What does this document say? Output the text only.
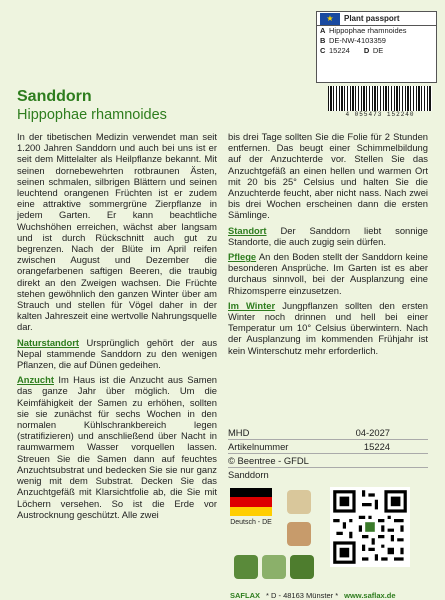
★	Plant passport
A Hippophae rhamnoides
B DE-NW-4103359
C 15224 D DE
4 055473 152240
Sanddorn
Hippophae rhamnoides

In der tibetischen Medizin verwendet man seit 1.200 Jahren Sanddorn und auch bei uns ist er seit dem Mittelalter als Heilpflanze bekannt. Mit seinen dornebewehrten rotbraunen Ästen, seinen schmalen, silbrigen Blättern und seinen leuchtend orangenen Früchten ist er zudem eine attraktive sommergrüne Zierpflanze in jedem Garten. Er kann beachtliche Wuchshöhen erreichen, wächst aber langsam und ist durch Rückschnitt auch gut zu begrenzen. Nach der Blüte im April reifen zwischen August und Dezember die orangefarbenen saftigen Beeren, die traubig direkt an den Zweigen wachsen. Die Früchte stehen gewöhnlich den ganzen Winter über am Strauch und stellen für Vögel daher in der kalten Jahreszeit eine wertvolle Nahrungsquelle dar.

Naturstandort Ursprünglich gehört der aus Nepal stammende Sanddorn zu den wenigen Pflanzen, die auf Dünen gedeihen.

Anzucht Im Haus ist die Anzucht aus Samen das ganze Jahr über möglich. Um die Keimfähigkeit der Samen zu erhöhen, sollten sie sie zunächst für sechs Wochen in den normalen Kühlschrankbereich legen (stratifizieren) und anschließend über Nacht in raumwarmem Wasser vorquellen lassen. Streuen Sie die Samen dann auf feuchtes Anzuchtsubstrat und bedecken Sie sie nur ganz wenig mit dem Substrat. Decken Sie das Anzuchtgefäß mit Klarsichtfolie ab, die Sie mit Löchern versehen. So ist die Erde vor Austrocknung geschützt. Alle zwei

bis drei Tage sollten Sie die Folie für 2 Stunden entfernen. Das beugt einer Schimmelbildung auf der Anzuchterde vor. Stellen Sie das Anzuchtgefäß an einen hellen und warmen Ort mit 20 bis 25° Celsius und halten Sie die Anzuchterde feucht, aber nicht nass. Nach zwei bis drei Wochen erscheinen dann die ersten Sämlinge.

Standort Der Sanddorn liebt sonnige Standorte, die auch zugig sein dürfen.

Pflege An den Boden stellt der Sanddorn keine besonderen Ansprüche. Im Garten ist es aber durchaus sinnvoll, bei der Ausplanzung eine Rhizomsperre einzusetzen.

Im Winter Jungpflanzen sollten den ersten Winter noch drinnen und hell bei einer Temperatur um 10° Celsius überwintern. Nach der Ausplanzung im kommenden Frühjahr ist kein Winterschutz mehr erforderlich.

MHD	04-2027
Artikelnummer	15224
© Beentree - GFDL
Sanddorn
Deutsch - DE
SAFLAX * D - 48163 Münster * www.saflax.de
